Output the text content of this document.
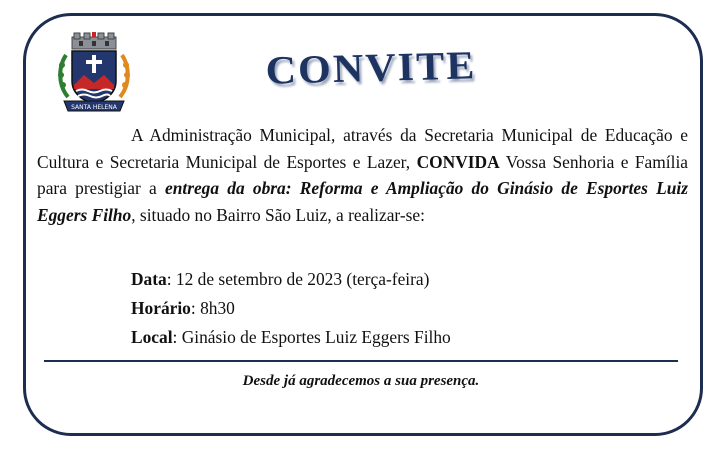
SANTA HELENA
CONVITE

A Administração Municipal, através da Secretaria Municipal de Educação e Cultura e Secretaria Municipal de Esportes e Lazer, CONVIDA Vossa Senhoria e Família para prestigiar a entrega da obra: Reforma e Ampliação do Ginásio de Esportes Luiz Eggers Filho, situado no Bairro São Luiz, a realizar-se:

Data: 12 de setembro de 2023 (terça-feira)
Horário: 8h30
Local: Ginásio de Esportes Luiz Eggers Filho
Desde já agradecemos a sua presença.
